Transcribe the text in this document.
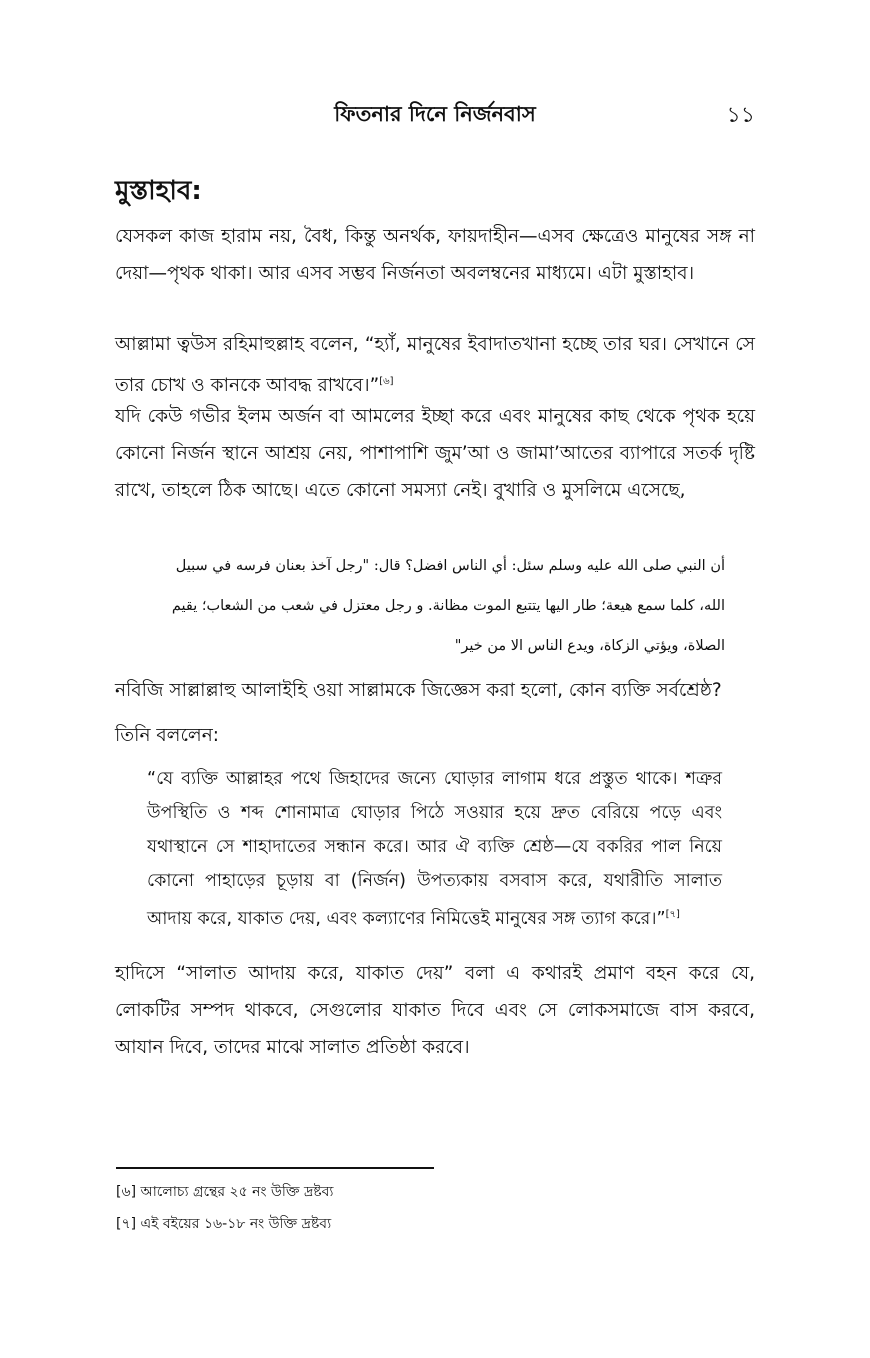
ফিতনার দিনে নির্জনবাস	১১
মুস্তাহাব:

যেসকল কাজ হারাম নয়, বৈধ, কিন্তু অনর্থক, ফায়দাহীন—এসব ক্ষেত্রেও মানুষের সঙ্গ না দেয়া—পৃথক থাকা। আর এসব সম্ভব নির্জনতা অবলম্বনের মাধ্যমে। এটা মুস্তাহাব।

আল্লামা ত্বউস রহিমাহুল্লাহ বলেন, “হ্যাঁ, মানুষের ইবাদাতখানা হচ্ছে তার ঘর। সেখানে সে তার চোখ ও কানকে আবদ্ধ রাখবে।”[৬]

যদি কেউ গভীর ইলম অর্জন বা আমলের ইচ্ছা করে এবং মানুষের কাছ থেকে পৃথক হয়ে কোনো নির্জন স্থানে আশ্রয় নেয়, পাশাপাশি জুম’আ ও জামা’আতের ব্যাপারে সতর্ক দৃষ্টি রাখে, তাহলে ঠিক আছে। এতে কোনো সমস্যা নেই। বুখারি ও মুসলিমে এসেছে,

أن النبي صلى الله عليه وسلم سئل: أي الناس افضل؟ قال: "رجل آخذ بعنان فرسه في سبيل
الله، كلما سمع هيعة؛ طار اليها يتتبع الموت مظانة. و رجل معتزل في شعب من الشعاب؛ يقيم
الصلاة، ويؤتي الزكاة، ويدع الناس الا من خير"

নবিজি সাল্লাল্লাহু আলাইহি ওয়া সাল্লামকে জিজ্ঞেস করা হলো, কোন ব্যক্তি সর্বশ্রেষ্ঠ?

তিনি বললেন:

“যে ব্যক্তি আল্লাহর পথে জিহাদের জন্যে ঘোড়ার লাগাম ধরে প্রস্তুত থাকে। শত্রুর উপস্থিতি ও শব্দ শোনামাত্র ঘোড়ার পিঠে সওয়ার হয়ে দ্রুত বেরিয়ে পড়ে এবং যথাস্থানে সে শাহাদাতের সন্ধান করে। আর ঐ ব্যক্তি শ্রেষ্ঠ—যে বকরির পাল নিয়ে কোনো পাহাড়ের চূড়ায় বা (নির্জন) উপত্যকায় বসবাস করে, যথারীতি সালাত আদায় করে, যাকাত দেয়, এবং কল্যাণের নিমিত্তেই মানুষের সঙ্গ ত্যাগ করে।”[৭]

হাদিসে “সালাত আদায় করে, যাকাত দেয়” বলা এ কথারই প্রমাণ বহন করে যে, লোকটির সম্পদ থাকবে, সেগুলোর যাকাত দিবে এবং সে লোকসমাজে বাস করবে, আযান দিবে, তাদের মাঝে সালাত প্রতিষ্ঠা করবে।

[৬] আলোচ্য গ্রন্থের ২৫ নং উক্তি দ্রষ্টব্য
[৭] এই বইয়ের ১৬-১৮ নং উক্তি দ্রষ্টব্য
